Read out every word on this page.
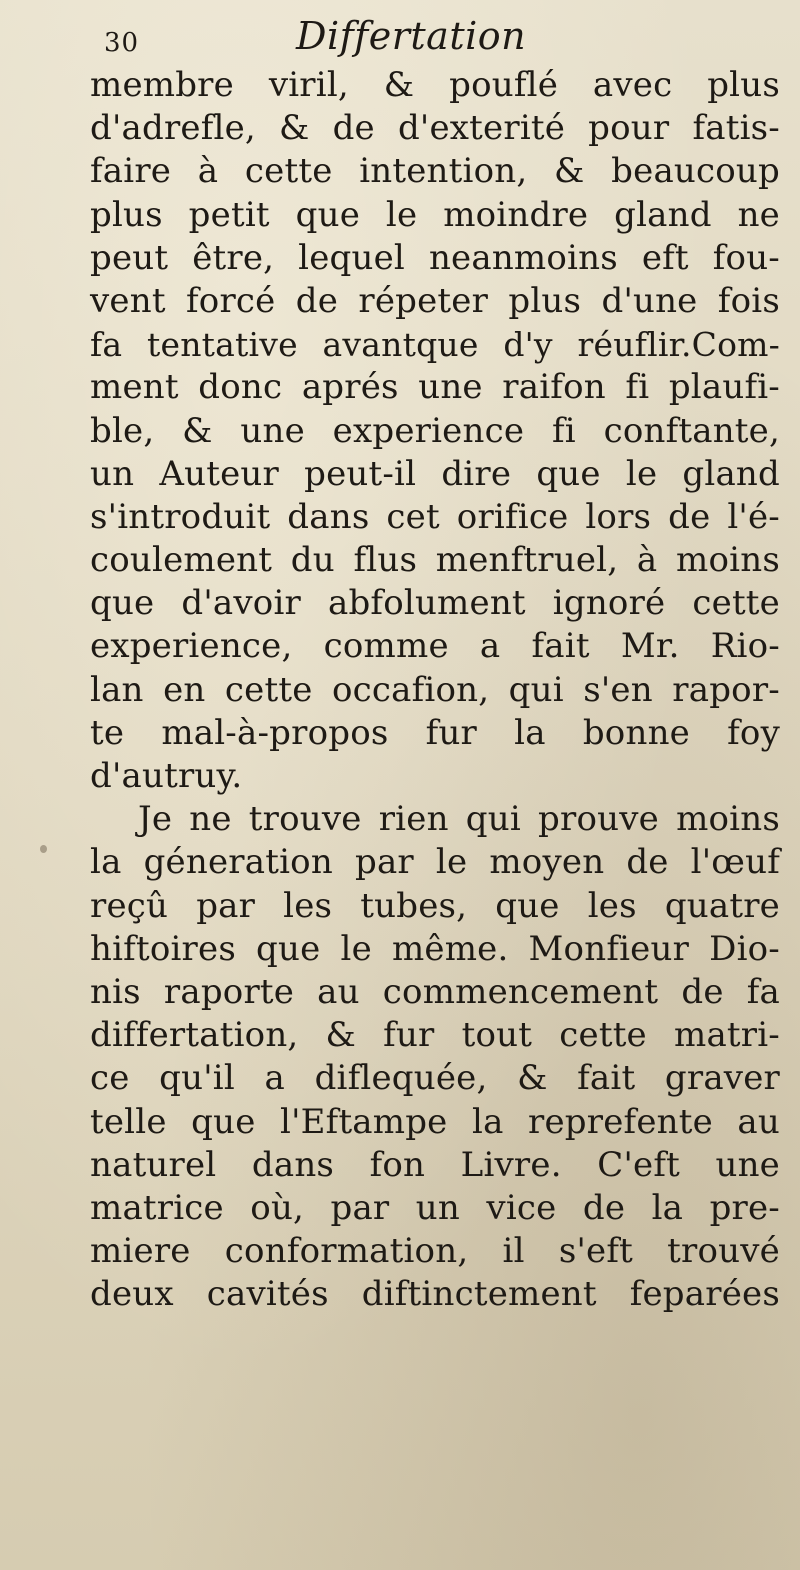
30	Differtation
membre viril, & pouflé avec plus
d'adrefle, & de d'exterité pour fatis-
faire à cette intention, & beaucoup
plus petit que le moindre gland ne
peut être, lequel neanmoins eft fou-
vent forcé de répeter plus d'une fois
fa tentative avantque d'y réuflir.Com-
ment donc aprés une raifon fi plaufi-
ble, & une experience fi conftante,
un Auteur peut-il dire que le gland
s'introduit dans cet orifice lors de l'é-
coulement du flus menftruel, à moins
que d'avoir abfolument ignoré cette
experience, comme a fait Mr. Rio-
lan en cette occafion, qui s'en rapor-
te mal-à-propos fur la bonne foy
d'autruy.
Je ne trouve rien qui prouve moins
la géneration par le moyen de l'œuf
reçû par les tubes, que les quatre
hiftoires que le même. Monfieur Dio-
nis raporte au commencement de fa
differtation, & fur tout cette matri-
ce qu'il a diflequée, & fait graver
telle que l'Eftampe la reprefente au
naturel dans fon Livre. C'eft une
matrice où, par un vice de la pre-
miere conformation, il s'eft trouvé
deux cavités diftinctement feparées
